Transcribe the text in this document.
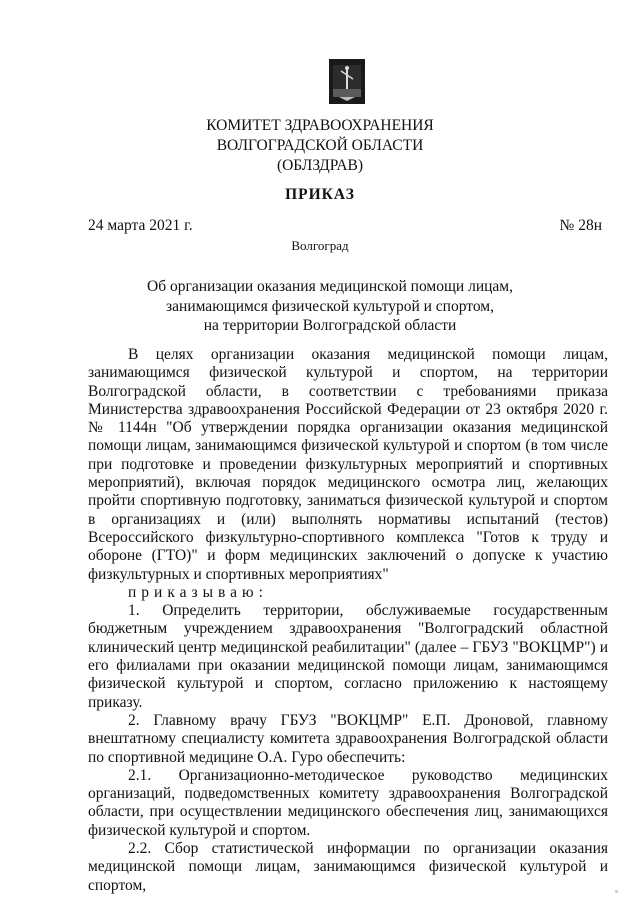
КОМИТЕТ ЗДРАВООХРАНЕНИЯ
ВОЛГОГРАДСКОЙ ОБЛАСТИ
(ОБЛЗДРАВ)
ПРИКАЗ
24 марта 2021 г.	№ 28н
Волгоград
Об организации оказания медицинской помощи лицам,
занимающимся физической культурой и спортом,
на территории Волгоградской области

В целях организации оказания медицинской помощи лицам, занимающимся физической культурой и спортом, на территории Волгоградской области, в соответствии с требованиями приказа Министерства здравоохранения Российской Федерации от 23 октября 2020 г. № 1144н "Об утверждении порядка организации оказания медицинской помощи лицам, занимающимся физической культурой и спортом (в том числе при подготовке и проведении физкультурных мероприятий и спортивных мероприятий), включая порядок медицинского осмотра лиц, желающих пройти спортивную подготовку, заниматься физической культурой и спортом в организациях и (или) выполнять нормативы испытаний (тестов) Всероссийского физкультурно-спортивного комплекса "Готов к труду и обороне (ГТО)" и форм медицинских заключений о допуске к участию физкультурных и спортивных мероприятиях"

приказываю:

1. Определить территории, обслуживаемые государственным бюджетным учреждением здравоохранения "Волгоградский областной клинический центр медицинской реабилитации" (далее – ГБУЗ "ВОКЦМР") и его филиалами при оказании медицинской помощи лицам, занимающимся физической культурой и спортом, согласно приложению к настоящему приказу.

2. Главному врачу ГБУЗ "ВОКЦМР" Е.П. Дроновой, главному внештатному специалисту комитета здравоохранения Волгоградской области по спортивной медицине О.А. Гуро обеспечить:

2.1. Организационно-методическое руководство медицинских организаций, подведомственных комитету здравоохранения Волгоградской области, при осуществлении медицинского обеспечения лиц, занимающихся физической культурой и спортом.

2.2. Сбор статистической информации по организации оказания медицинской помощи лицам, занимающимся физической культурой и спортом,
